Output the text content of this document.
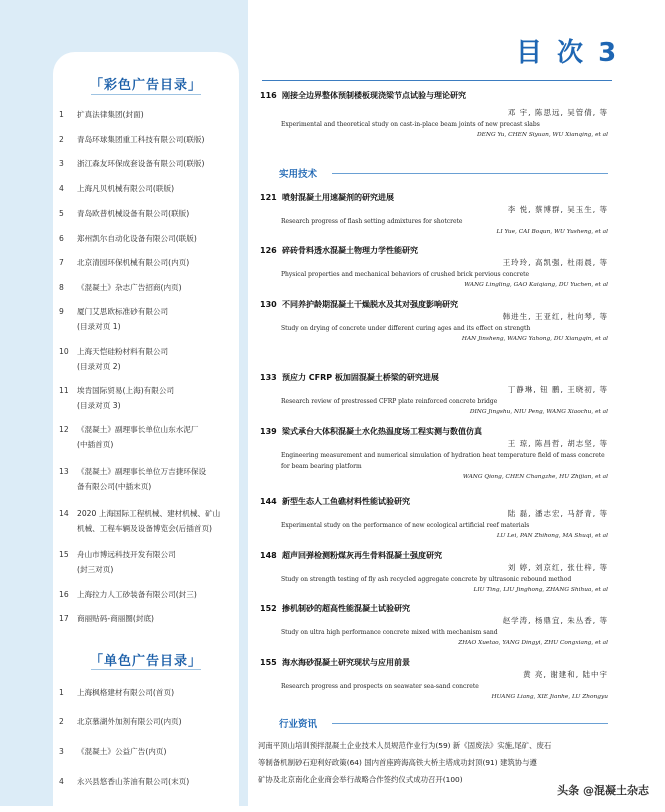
「彩色广告目录」
1	扩真法律集团(封面)
2	青岛环球集团重工科技有限公司(联版)
3	浙江森友环保成套设备有限公司(联版)
4	上海凡贝机械有限公司(联版)
5	青岛欧普机械设备有限公司(联版)
6	郑州凯尔自动化设备有限公司(联版)
7	北京清园环保机械有限公司(内页)
8	《混凝土》杂志广告招商(内页)
9	厦门艾思欧标准砂有限公司
(目录对页 1)
10	上海天恺硅粉材料有限公司
(目录对页 2)
11	埃肯国际贸易(上海)有限公司
(目录对页 3)
12	《混凝土》副理事长单位山东水泥厂
(中插首页)
13	《混凝土》副理事长单位万吉捷环保设
备有限公司(中插末页)
14	2020 上海国际工程机械、建材机械、矿山
机械、工程车辆及设备博览会(后插首页)
15	舟山市博远科技开发有限公司
(封三对页)
16	上海拉力人工砂装备有限公司(封三)
17	商丽贴码-商丽圈(封底)
「单色广告目录」
1	上海枫格建材有限公司(首页)
2	北京慕湖外加剂有限公司(内页)
3	《混凝土》公益广告(内页)
4	永兴县悠香山茶油有限公司(末页)
目 次 3
116 刚接全边界整体预制楼板现浇梁节点试验与理论研究
邓 宇, 陈思远, 吴管倩, 等
Experimental and theoretical study on cast-in-place beam joints of new precast slabs
DENG Yu, CHEN Siyuan, WU Xianqing, et al
实用技术
121 喷射混凝土用速凝剂的研究进展
李 悦, 蔡博群, 吴玉生, 等
Research progress of flash setting admixtures for shotcrete
LI Yue, CAI Boqun, WU Yusheng, et al
126 碎砖骨料透水混凝土物理力学性能研究
王玲玲, 高凯强, 杜雨晨, 等
Physical properties and mechanical behaviors of crushed brick pervious concrete
WANG Lingling, GAO Kaiqiang, DU Yuchen, et al
130 不同养护龄期混凝土干燥脱水及其对强度影响研究
韩进生, 王亚红, 杜向琴, 等
Study on drying of concrete under different curing ages and its effect on strength
HAN Jinsheng, WANG Yahong, DU Xiangqin, et al
133 预应力 CFRP 板加固混凝土桥梁的研究进展
丁静琳, 钮 鹏, 王晓初, 等
Research review of prestressed CFRP plate reinforced concrete bridge
DING Jingshu, NIU Peng, WANG Xiaochu, et al
139 梁式承台大体积混凝土水化热温度场工程实测与数值仿真
王 琼, 陈昌哲, 胡志坚, 等
Engineering measurement and numerical simulation of hydration heat temperature field of mass concrete for beam bearing platform
WANG Qiong, CHEN Changzhe, HU Zhijian, et al
144 新型生态人工鱼礁材料性能试验研究
陆 磊, 潘志宏, 马舒青, 等
Experimental study on the performance of new ecological artificial reef materials
LU Lei, PAN Zhihong, MA Shuqi, et al
148 超声回弹检测粉煤灰再生骨料混凝土强度研究
刘 婷, 刘京红, 张仕梓, 等
Study on strength testing of fly ash recycled aggregate concrete by ultrasonic rebound method
LIU Ting, LIU Jinghong, ZHANG Shihua, et al
152 掺机制砂的超高性能混凝土试验研究
赵学涛, 杨鼎宜, 朱丛香, 等
Study on ultra high performance concrete mixed with mechanism sand
ZHAO Xuetao, YANG Dingyi, ZHU Congxiang, et al
155 海水海砂混凝土研究现状与应用前景
黄 亮, 谢建和, 陆中宇
Research progress and prospects on seawater sea-sand concrete
HUANG Liang, XIE Jianhe, LU Zhongyu
行业资讯
河南平顶山培训预拌混凝土企业技术人员规范作业行为(59) 新《固废法》实施,尾矿、废石
等制备机制砂石迎利好政策(64) 国内首座跨海高铁大桥主塔成功封顶(91) 建筑协与遵
矿协及北京南化企业商会举行战略合作签约仪式成功召开(100)
头条 @混凝土杂志
